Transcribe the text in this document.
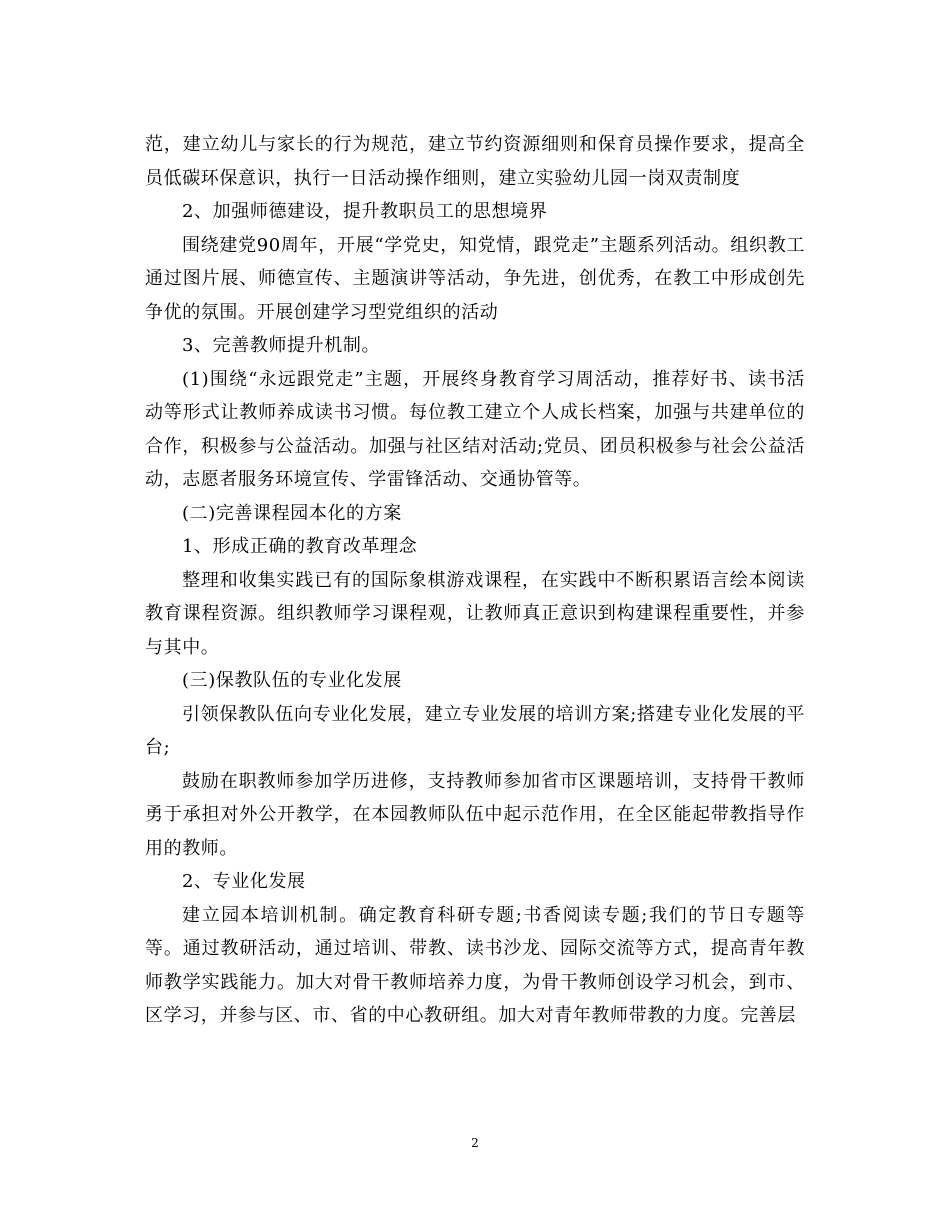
范，建立幼儿与家长的行为规范，建立节约资源细则和保育员操作要求，提高全员低碳环保意识，执行一日活动操作细则，建立实验幼儿园一岗双责制度

2、加强师德建设，提升教职员工的思想境界

围绕建党90周年，开展“学党史，知党情，跟党走”主题系列活动。组织教工通过图片展、师德宣传、主题演讲等活动，争先进，创优秀，在教工中形成创先争优的氛围。开展创建学习型党组织的活动

3、完善教师提升机制。

(1)围绕“永远跟党走”主题，开展终身教育学习周活动，推荐好书、读书活动等形式让教师养成读书习惯。每位教工建立个人成长档案，加强与共建单位的合作，积极参与公益活动。加强与社区结对活动;党员、团员积极参与社会公益活动，志愿者服务环境宣传、学雷锋活动、交通协管等。

(二)完善课程园本化的方案

1、形成正确的教育改革理念

整理和收集实践已有的国际象棋游戏课程，在实践中不断积累语言绘本阅读教育课程资源。组织教师学习课程观，让教师真正意识到构建课程重要性，并参与其中。

(三)保教队伍的专业化发展

引领保教队伍向专业化发展，建立专业发展的培训方案;搭建专业化发展的平台;

鼓励在职教师参加学历进修，支持教师参加省市区课题培训，支持骨干教师勇于承担对外公开教学，在本园教师队伍中起示范作用，在全区能起带教指导作用的教师。

2、专业化发展

建立园本培训机制。确定教育科研专题;书香阅读专题;我们的节日专题等等。通过教研活动，通过培训、带教、读书沙龙、园际交流等方式，提高青年教师教学实践能力。加大对骨干教师培养力度，为骨干教师创设学习机会，到市、区学习，并参与区、市、省的中心教研组。加大对青年教师带教的力度。完善层

2
